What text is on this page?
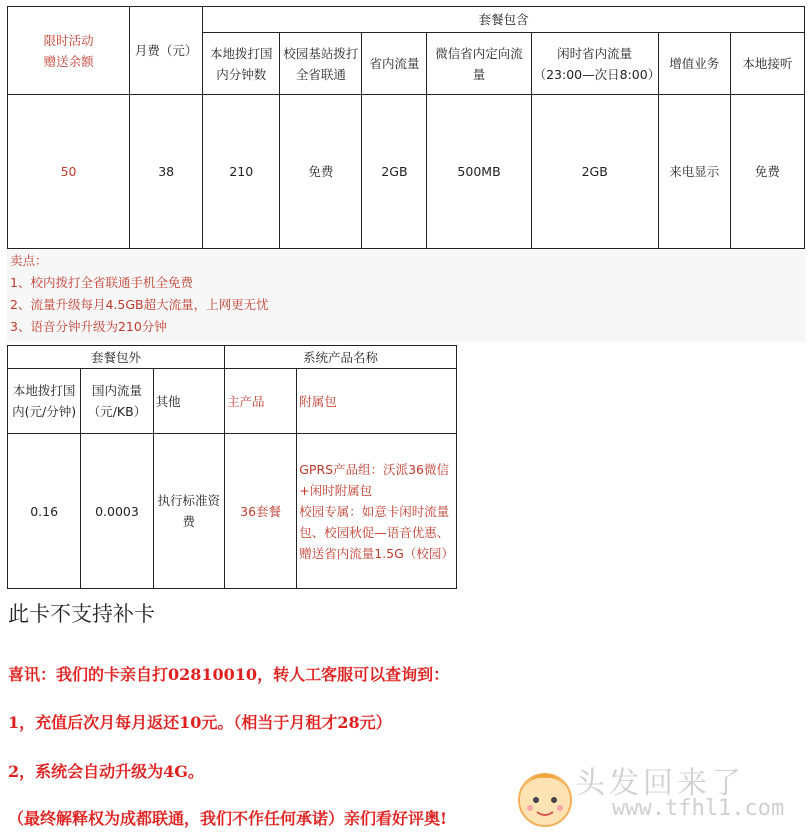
限时活动
赠送余额	月费（元）	套餐包含						
		本地拨打国内分钟数	校园基站拨打全省联通	省内流量	微信省内定向流量	闲时省内流量（23:00—次日8:00）	增值业务	本地接听
50	38	210	免费	2GB	500MB	2GB	来电显示	免费
卖点：
1、校内拨打全省联通手机全免费
2、流量升级每月4.5GB超大流量，上网更无忧
3、语音分钟升级为210分钟
套餐包外			系统产品名称	
本地拨打国内(元/分钟)	国内流量（元/KB）	其他	主产品	附属包
0.16	0.0003	执行标准资费	36套餐	GPRS产品组：沃派36微信+闲时附属包
校园专属：如意卡闲时流量包、校园秋促—语音优惠、赠送省内流量1.5G（校园）
此卡不支持补卡
喜讯：我们的卡亲自打02810010，转人工客服可以查询到：
1，充值后次月每月返还10元。（相当于月租才28元）
2，系统会自动升级为4G。
（最终解释权为成都联通，我们不作任何承诺）亲们看好评奥!
头发回来了
www.tfhl1.com
